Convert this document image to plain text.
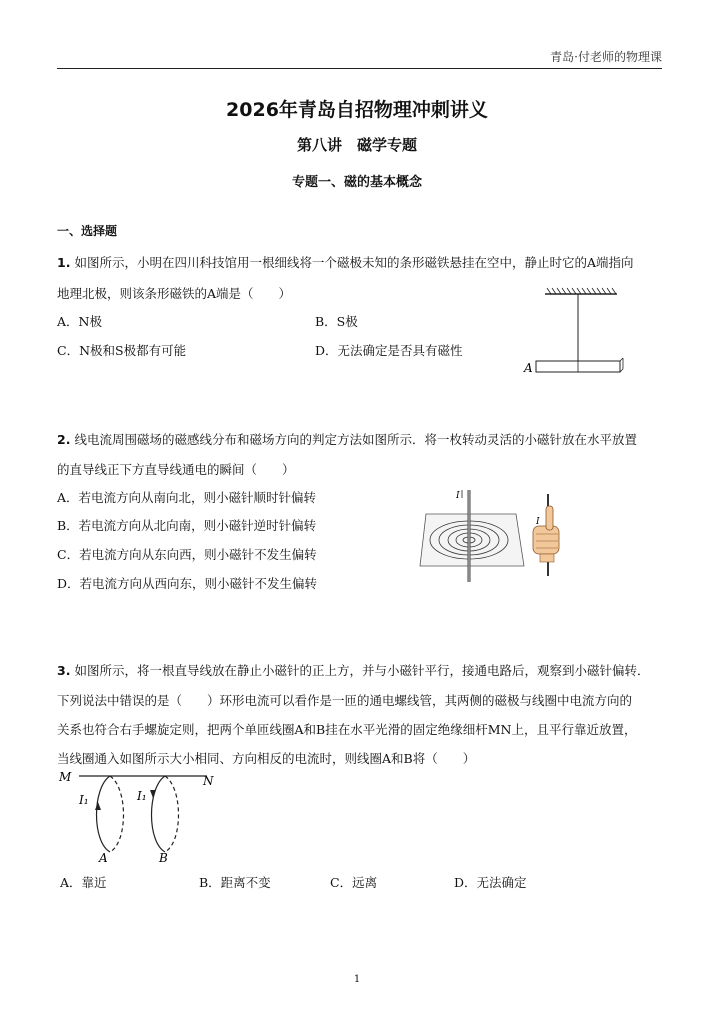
青岛·付老师的物理课
2026年青岛自招物理冲刺讲义
第八讲　磁学专题
专题一、磁的基本概念
一、选择题
1. 如图所示，小明在四川科技馆用一根细线将一个磁极未知的条形磁铁悬挂在空中，静止时它的A端指向
地理北极，则该条形磁铁的A端是（　　）
A．N极	B．S极
C．N极和S极都有可能	D．无法确定是否具有磁性
A
2. 线电流周围磁场的磁感线分布和磁场方向的判定方法如图所示．将一枚转动灵活的小磁针放在水平放置
的直导线正下方直导线通电的瞬间（　　）
A．若电流方向从南向北，则小磁针顺时针偏转
B．若电流方向从北向南，则小磁针逆时针偏转
C．若电流方向从东向西，则小磁针不发生偏转
D．若电流方向从西向东，则小磁针不发生偏转
I
I
3. 如图所示，将一根直导线放在静止小磁针的正上方，并与小磁针平行，接通电路后，观察到小磁针偏转．
下列说法中错误的是（　　）环形电流可以看作是一匝的通电螺线管，其两侧的磁极与线圈中电流方向的
关系也符合右手螺旋定则，把两个单匝线圈A和B挂在水平光滑的固定绝缘细杆MN上，且平行靠近放置，
当线圈通入如图所示大小相同、方向相反的电流时，则线圈A和B将（　　）
M	N
I₁
A
I₁
B
A．靠近	B．距离不变	C．远离	D．无法确定
1
